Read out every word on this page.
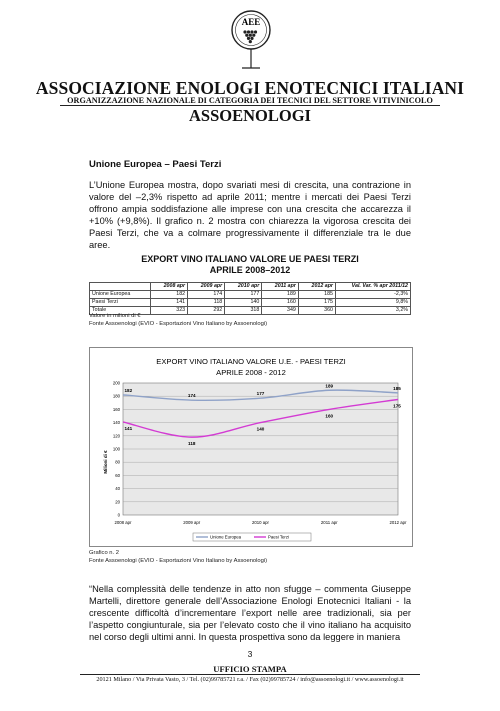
AEE
ASSOCIAZIONE ENOLOGI ENOTECNICI ITALIANI
ORGANIZZAZIONE NAZIONALE DI CATEGORIA DEI TECNICI DEL SETTORE VITIVINICOLO
ASSOENOLOGI
Unione Europea – Paesi Terzi
L’Unione Europea mostra, dopo svariati mesi di crescita, una contrazione in valore del –2,3% rispetto ad aprile 2011; mentre i mercati dei Paesi Terzi offrono ampia soddisfazione alle imprese con una crescita che accarezza il +10% (+9,8%). Il grafico n. 2 mostra con chiarezza la vigorosa crescita dei Paesi Terzi, che va a colmare progressivamente il differenziale tra le due aree.
EXPORT VINO ITALIANO VALORE UE PAESI TERZI
APRILE 2008–2012
	2008 apr	2009 apr	2010 apr	2011 apr	2012 apr	Val. Var. % apr 2011/12
Unione Europea	182	174	177	189	185	-2,3%
Paesi Terzi	141	118	140	160	175	9,8%
Totale	323	292	318	349	360	3,2%
Valore in milioni di €
Fonte Assoenologi (EVIO - Esportazioni Vino Italiano by Assoenologi)
EXPORT VINO ITALIANO VALORE U.E. - PAESI TERZI
APRILE 2008 - 2012
Milioni di €
0
20
40
60
80
100
120
140
160
180
200
2008 apr	2009 apr	2010 apr	2011 apr	2012 apr
182
174	177
189
185
141
118
140
160
175
Unione Europea	Paesi Terzi
Grafico n. 2
Fonte Assoenologi (EVIO - Esportazioni Vino Italiano by Assoenologi)
“Nella complessità delle tendenze in atto non sfugge – commenta Giuseppe Martelli, direttore generale dell’Associazione Enologi Enotecnici Italiani - la crescente difficoltà d’incrementare l’export nelle aree tradizionali, sia per l’aspetto congiunturale, sia per l’elevato costo che il vino italiano ha acquisito nel corso degli ultimi anni. In questa prospettiva sono da leggere in maniera
3
UFFICIO STAMPA
20121 Milano / Via Privata Vasto, 3 / Tel. (02)99785721 r.a. / Fax (02)99785724 / info@assoenologi.it / www.assoenologi.it
